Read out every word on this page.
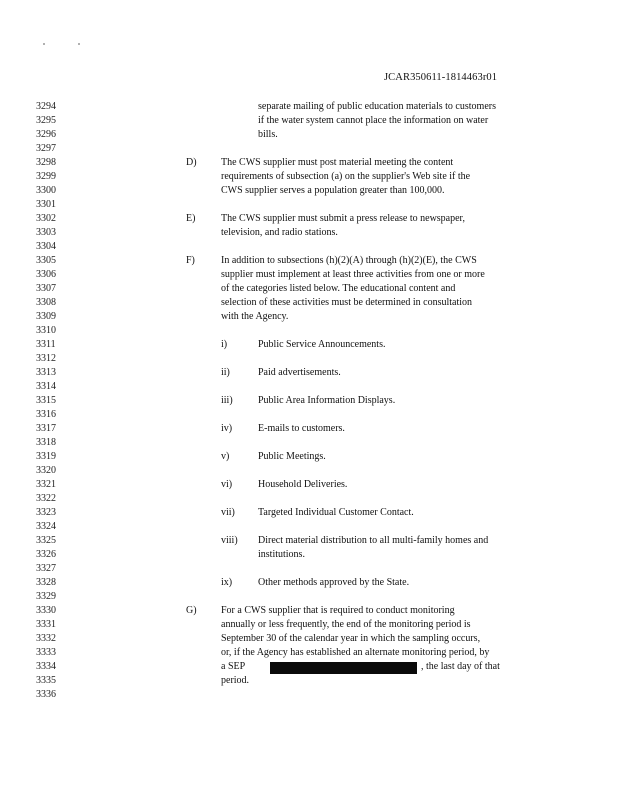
JCAR350611-1814463r01
3294
3295
3296
3297
3298
3299
3300
3301
3302
3303
3304
3305
3306
3307
3308
3309
3310
3311
3312
3313
3314
3315
3316
3317
3318
3319
3320
3321
3322
3323
3324
3325
3326
3327
3328
3329
3330
3331
3332
3333
3334
3335
3336
separate mailing of public education materials to customers
if the water system cannot place the information on water
bills.
D) The CWS supplier must post material meeting the content
requirements of subsection (a) on the supplier's Web site if the
CWS supplier serves a population greater than 100,000.
E)	The CWS supplier must submit a press release to newspaper,
television, and radio stations.
F)	In addition to subsections (h)(2)(A) through (h)(2)(E), the CWS
supplier must implement at least three activities from one or more
of the categories listed below. The educational content and
selection of these activities must be determined in consultation
with the Agency.
i)	Public Service Announcements.
ii)	Paid advertisements.
iii)	Public Area Information Displays.
iv)	E-mails to customers.
v)	Public Meetings.
vi)	Household Deliveries.
vii) Targeted Individual Customer Contact.
viii) Direct material distribution to all multi-family homes and
institutions.
ix)	Other methods approved by the State.
G) For a CWS supplier that is required to conduct monitoring
annually or less frequently, the end of the monitoring period is
September 30 of the calendar year in which the sampling occurs,
or, if the Agency has established an alternate monitoring period, by
a SEP	, the last day of that
period.
